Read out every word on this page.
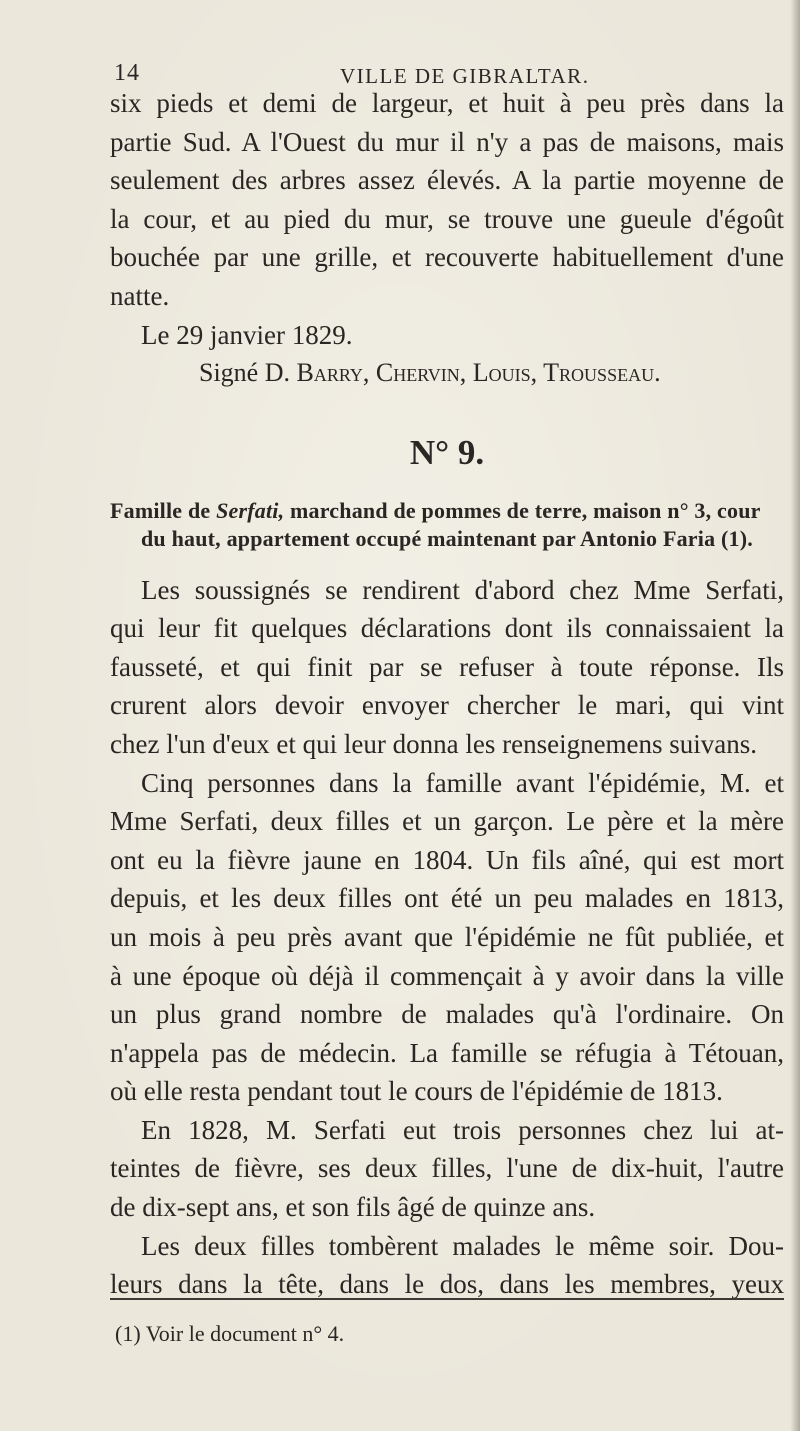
14	VILLE DE GIBRALTAR.

six pieds et demi de largeur, et huit à peu près dans la

partie Sud. A l'Ouest du mur il n'y a pas de maisons, mais

seulement des arbres assez élevés. A la partie moyenne de

la cour, et au pied du mur, se trouve une gueule d'égoût

bouchée par une grille, et recouverte habituellement d'une

natte.

Le 29 janvier 1829.

Signé D. Barry, Chervin, Louis, Trousseau.

N° 9.
Famille de Serfati, marchand de pommes de terre, maison n° 3, cour
du haut, appartement occupé maintenant par Antonio Faria (1).

Les soussignés se rendirent d'abord chez Mme Serfati,

qui leur fit quelques déclarations dont ils connaissaient la

fausseté, et qui finit par se refuser à toute réponse. Ils

crurent alors devoir envoyer chercher le mari, qui vint

chez l'un d'eux et qui leur donna les renseignemens suivans.

Cinq personnes dans la famille avant l'épidémie, M. et

Mme Serfati, deux filles et un garçon. Le père et la mère

ont eu la fièvre jaune en 1804. Un fils aîné, qui est mort

depuis, et les deux filles ont été un peu malades en 1813,

un mois à peu près avant que l'épidémie ne fût publiée, et

à une époque où déjà il commençait à y avoir dans la ville

un plus grand nombre de malades qu'à l'ordinaire. On

n'appela pas de médecin. La famille se réfugia à Tétouan,

où elle resta pendant tout le cours de l'épidémie de 1813.

En 1828, M. Serfati eut trois personnes chez lui at-

teintes de fièvre, ses deux filles, l'une de dix-huit, l'autre

de dix-sept ans, et son fils âgé de quinze ans.

Les deux filles tombèrent malades le même soir. Dou-

leurs dans la tête, dans le dos, dans les membres, yeux

(1) Voir le document n° 4.
